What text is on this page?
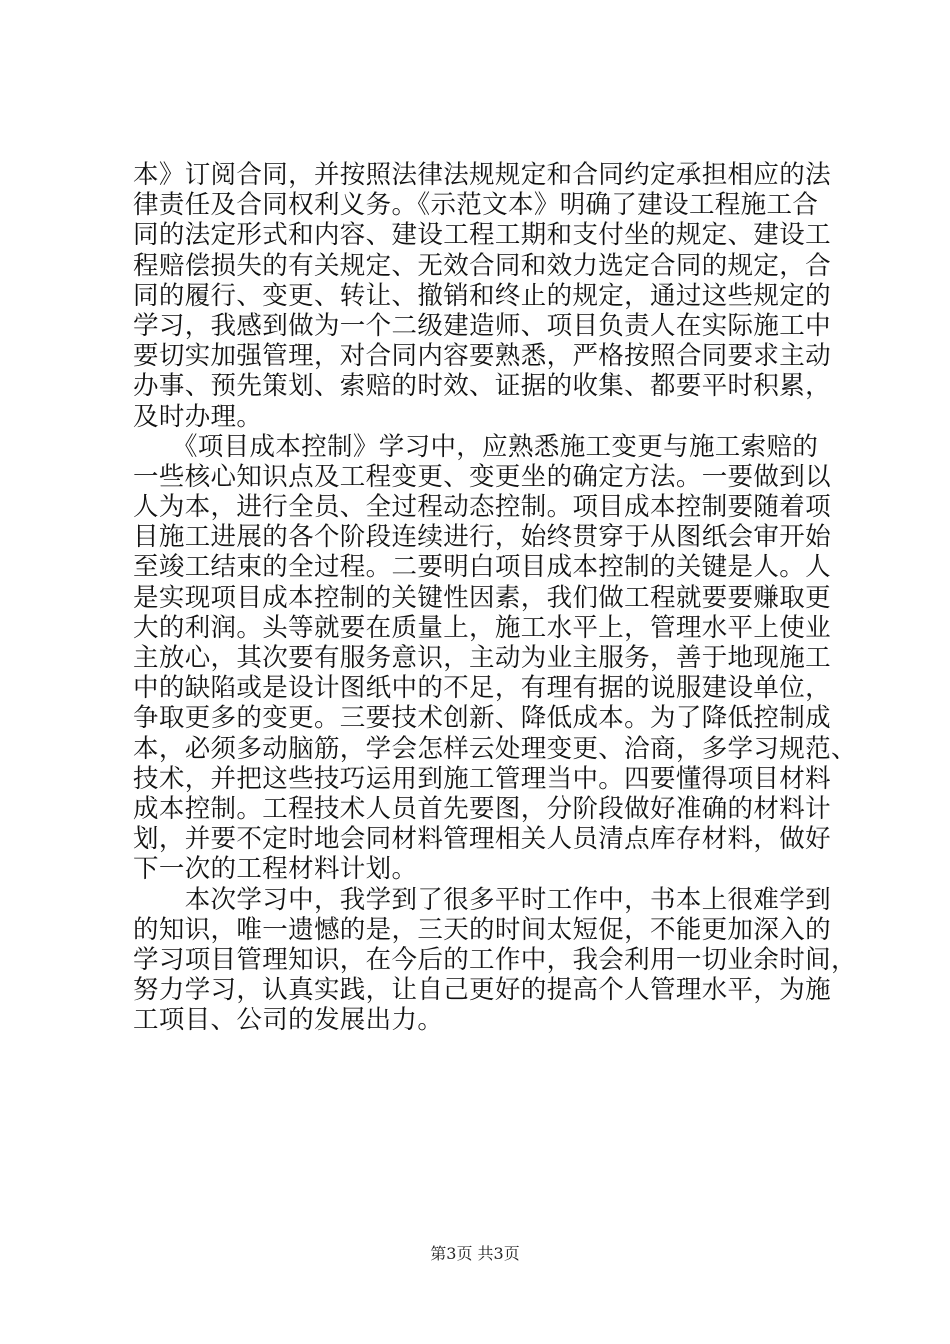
本》订阅合同，并按照法律法规规定和合同约定承担相应的法
律责任及合同权利义务。《示范文本》明确了建设工程施工合
同的法定形式和内容、建设工程工期和支付坐的规定、建设工
程赔偿损失的有关规定、无效合同和效力选定合同的规定，合
同的履行、变更、转让、撤销和终止的规定，通过这些规定的
学习，我感到做为一个二级建造师、项目负责人在实际施工中
要切实加强管理，对合同内容要熟悉，严格按照合同要求主动
办事、预先策划、索赔的时效、证据的收集、都要平时积累，
及时办理。
　　《项目成本控制》学习中，应熟悉施工变更与施工索赔的
一些核心知识点及工程变更、变更坐的确定方法。一要做到以
人为本，进行全员、全过程动态控制。项目成本控制要随着项
目施工进展的各个阶段连续进行，始终贯穿于从图纸会审开始
至竣工结束的全过程。二要明白项目成本控制的关键是人。人
是实现项目成本控制的关键性因素，我们做工程就要要赚取更
大的利润。头等就要在质量上，施工水平上，管理水平上使业
主放心，其次要有服务意识，主动为业主服务，善于地现施工
中的缺陷或是设计图纸中的不足，有理有据的说服建设单位，
争取更多的变更。三要技术创新、降低成本。为了降低控制成
本，必须多动脑筋，学会怎样云处理变更、洽商，多学习规范、
技术，并把这些技巧运用到施工管理当中。四要懂得项目材料
成本控制。工程技术人员首先要图，分阶段做好准确的材料计
划，并要不定时地会同材料管理相关人员清点库存材料，做好
下一次的工程材料计划。
　　本次学习中，我学到了很多平时工作中，书本上很难学到
的知识，唯一遗憾的是，三天的时间太短促，不能更加深入的
学习项目管理知识，在今后的工作中，我会利用一切业余时间，
努力学习，认真实践，让自己更好的提高个人管理水平，为施
工项目、公司的发展出力。
第3页 共3页
